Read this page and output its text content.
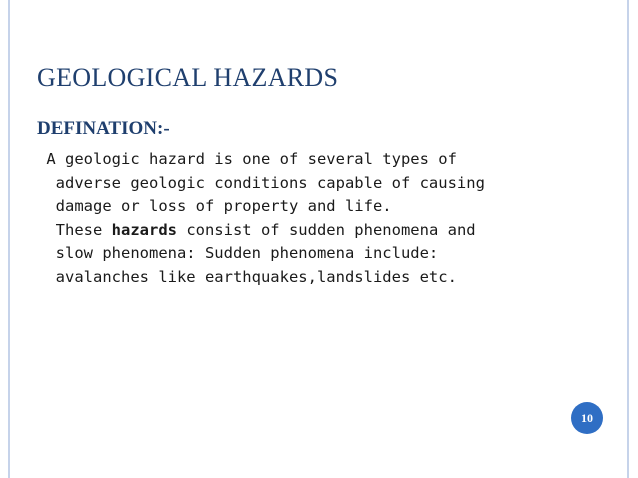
GEOLOGICAL HAZARDS
DEFINATION:-
A geologic hazard is one of several types of
adverse geologic conditions capable of causing
damage or loss of property and life.
These hazards consist of sudden phenomena and
slow phenomena: Sudden phenomena include:
avalanches like earthquakes,landslides etc.
10
